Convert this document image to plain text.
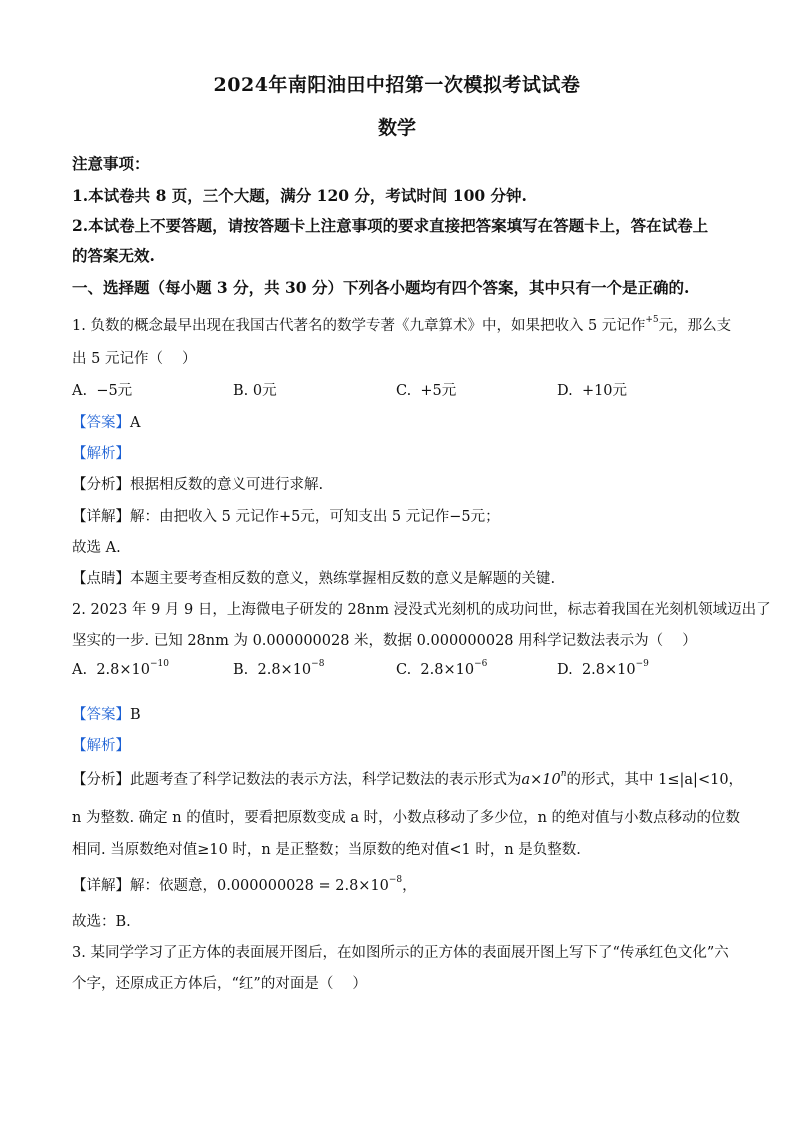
2024年南阳油田中招第一次模拟考试试卷
数学
注意事项：
1.本试卷共 8 页，三个大题，满分 120 分，考试时间 100 分钟.
2.本试卷上不要答题，请按答题卡上注意事项的要求直接把答案填写在答题卡上，答在试卷上
的答案无效.
一、选择题（每小题 3 分，共 30 分）下列各小题均有四个答案，其中只有一个是正确的.
1. 负数的概念最早出现在我国古代著名的数学专著《九章算术》中，如果把收入 5 元记作$^{+5}$元，那么支
出 5 元记作（　 ）
A. −5元	B. 0元	C. +5元	D. +10元
【答案】A
【解析】
【分析】根据相反数的意义可进行求解.
【详解】解：由把收入 5 元记作+5元，可知支出 5 元记作−5元；
故选 A.
【点睛】本题主要考查相反数的意义，熟练掌握相反数的意义是解题的关键.
2. 2023 年 9 月 9 日，上海微电子研发的 28nm 浸没式光刻机的成功问世，标志着我国在光刻机领域迈出了
坚实的一步. 已知 28nm 为 0.000000028 米，数据 0.000000028 用科学记数法表示为（　 ）
A. $2.8\times 10^{-10}$	B. $2.8\times 10^{-8}$	C. $2.8\times 10^{-6}$	D. $2.8\times 10^{-9}$
【答案】B
【解析】
【分析】此题考查了科学记数法的表示方法，科学记数法的表示形式为$a\times 10^n$的形式，其中 1≤|a|<10，
n 为整数. 确定 n 的值时，要看把原数变成 a 时，小数点移动了多少位，n 的绝对值与小数点移动的位数
相同. 当原数绝对值≥10 时，n 是正整数；当原数的绝对值<1 时，n 是负整数.
【详解】解：依题意，$0.000000028 = 2.8\times 10^{-8}$，
故选：B.
3. 某同学学习了正方体的表面展开图后，在如图所示的正方体的表面展开图上写下了“传承红色文化”六
个字，还原成正方体后，“红”的对面是（　 ）
